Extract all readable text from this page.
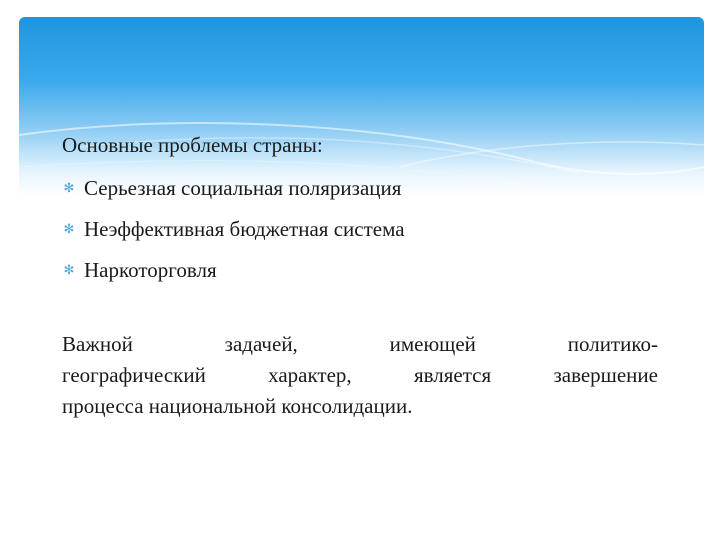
Основные проблемы страны:

✻ Серьезная социальная поляризация
✻ Неэффективная бюджетная система
✻ Наркоторговля
Важной	задачей,	имеющей	политико-
географический	характер,	является	завершение
процесса национальной консолидации.
